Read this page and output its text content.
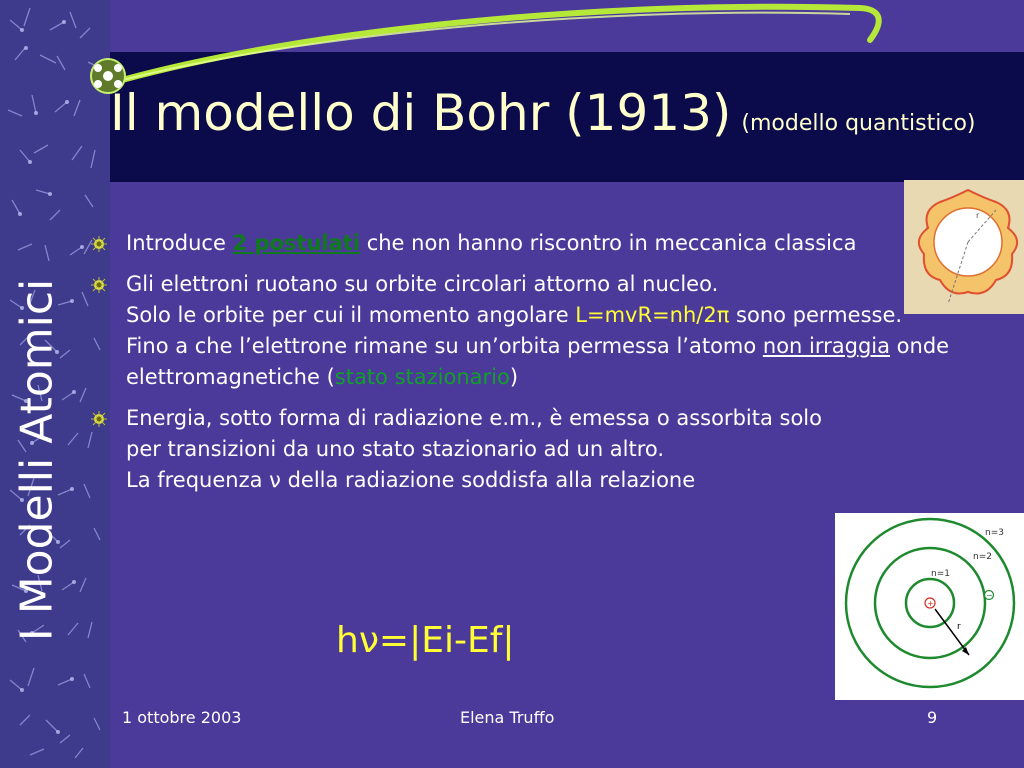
I Modelli Atomici
Il modello di Bohr (1913) (modello quantistico)
r
Introduce 2 postulati che non hanno riscontro in meccanica classica
Gli elettroni ruotano su orbite circolari attorno al nucleo.
Solo le orbite per cui il momento angolare L=mvR=nh/2π sono permesse.
Fino a che l’elettrone rimane su un’orbita permessa l’atomo non irraggia onde elettromagnetiche (stato stazionario)
Energia, sotto forma di radiazione e.m., è emessa o assorbita solo per transizioni da uno stato stazionario ad un altro.
La frequenza ν della radiazione soddisfa alla relazione
+
−
r
n=1
n=2
n=3
hν=|Ei-Ef|
1 ottobre 2003	Elena Truffo	9
